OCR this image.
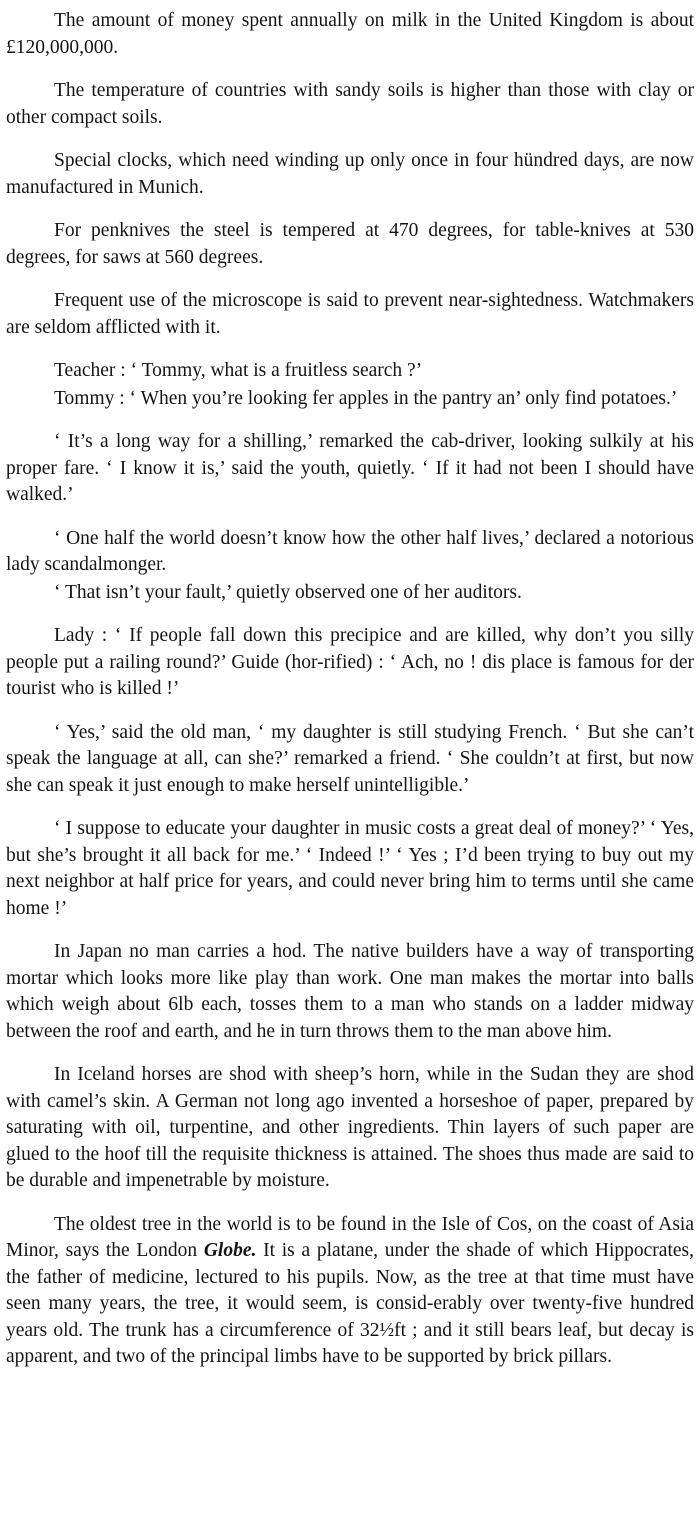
The amount of money spent annually on milk in the United Kingdom is about £120,000,000.

The temperature of countries with sandy soils is higher than those with clay or other compact soils.

Special clocks, which need winding up only once in four hündred days, are now manufactured in Munich.

For penknives the steel is tempered at 470 degrees, for table-knives at 530 degrees, for saws at 560 degrees.

Frequent use of the microscope is said to prevent near-sightedness. Watchmakers are seldom afflicted with it.

Teacher : ‘ Tommy, what is a fruitless search ?’

Tommy : ‘ When you’re looking fer apples in the pantry an’ only find potatoes.’

‘ It’s a long way for a shilling,’ remarked the cab-driver, looking sulkily at his proper fare. ‘ I know it is,’ said the youth, quietly. ‘ If it had not been I should have walked.’

‘ One half the world doesn’t know how the other half lives,’ declared a notorious lady scandalmonger.

‘ That isn’t your fault,’ quietly observed one of her auditors.

Lady : ‘ If people fall down this precipice and are killed, why don’t you silly people put a railing round?’ Guide (hor-rified) : ‘ Ach, no ! dis place is famous for der tourist who is killed !’

‘ Yes,’ said the old man, ‘ my daughter is still studying French. ‘ But she can’t speak the language at all, can she?’ remarked a friend. ‘ She couldn’t at first, but now she can speak it just enough to make herself unintelligible.’

‘ I suppose to educate your daughter in music costs a great deal of money?’ ‘ Yes, but she’s brought it all back for me.’ ‘ Indeed !’ ‘ Yes ; I’d been trying to buy out my next neighbor at half price for years, and could never bring him to terms until she came home !’

In Japan no man carries a hod. The native builders have a way of transporting mortar which looks more like play than work. One man makes the mortar into balls which weigh about 6lb each, tosses them to a man who stands on a ladder midway between the roof and earth, and he in turn throws them to the man above him.

In Iceland horses are shod with sheep’s horn, while in the Sudan they are shod with camel’s skin. A German not long ago invented a horseshoe of paper, prepared by saturating with oil, turpentine, and other ingredients. Thin layers of such paper are glued to the hoof till the requisite thickness is attained. The shoes thus made are said to be durable and impenetrable by moisture.

The oldest tree in the world is to be found in the Isle of Cos, on the coast of Asia Minor, says the London Globe. It is a platane, under the shade of which Hippocrates, the father of medicine, lectured to his pupils. Now, as the tree at that time must have seen many years, the tree, it would seem, is consid-erably over twenty-five hundred years old. The trunk has a circumference of 32½ft ; and it still bears leaf, but decay is apparent, and two of the principal limbs have to be supported by brick pillars.
